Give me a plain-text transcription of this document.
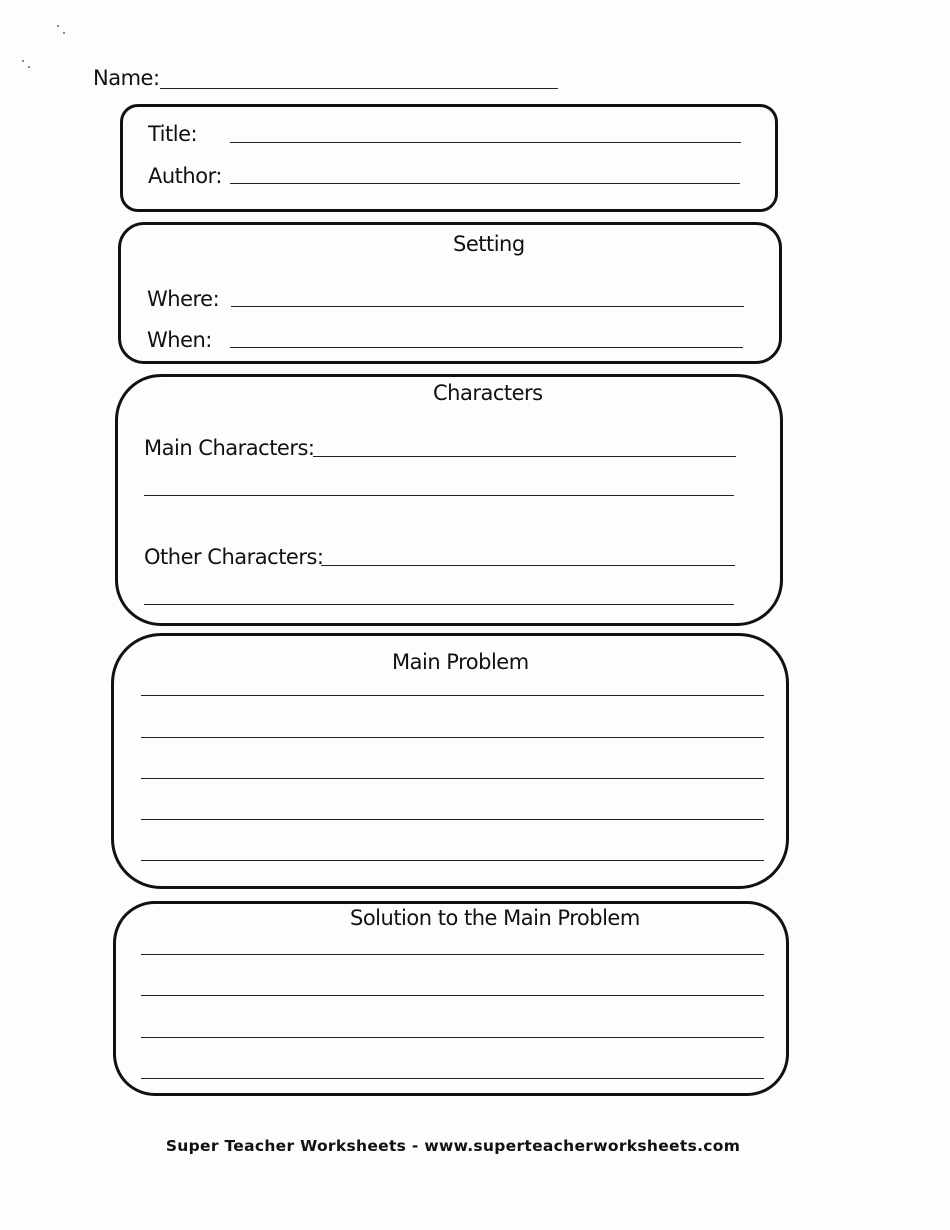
Name:
Title:
Author:
Setting
Where:
When:
Characters
Main Characters:
Other Characters:
Main Problem
Solution to the Main Problem
Super Teacher Worksheets - www.superteacherworksheets.com
